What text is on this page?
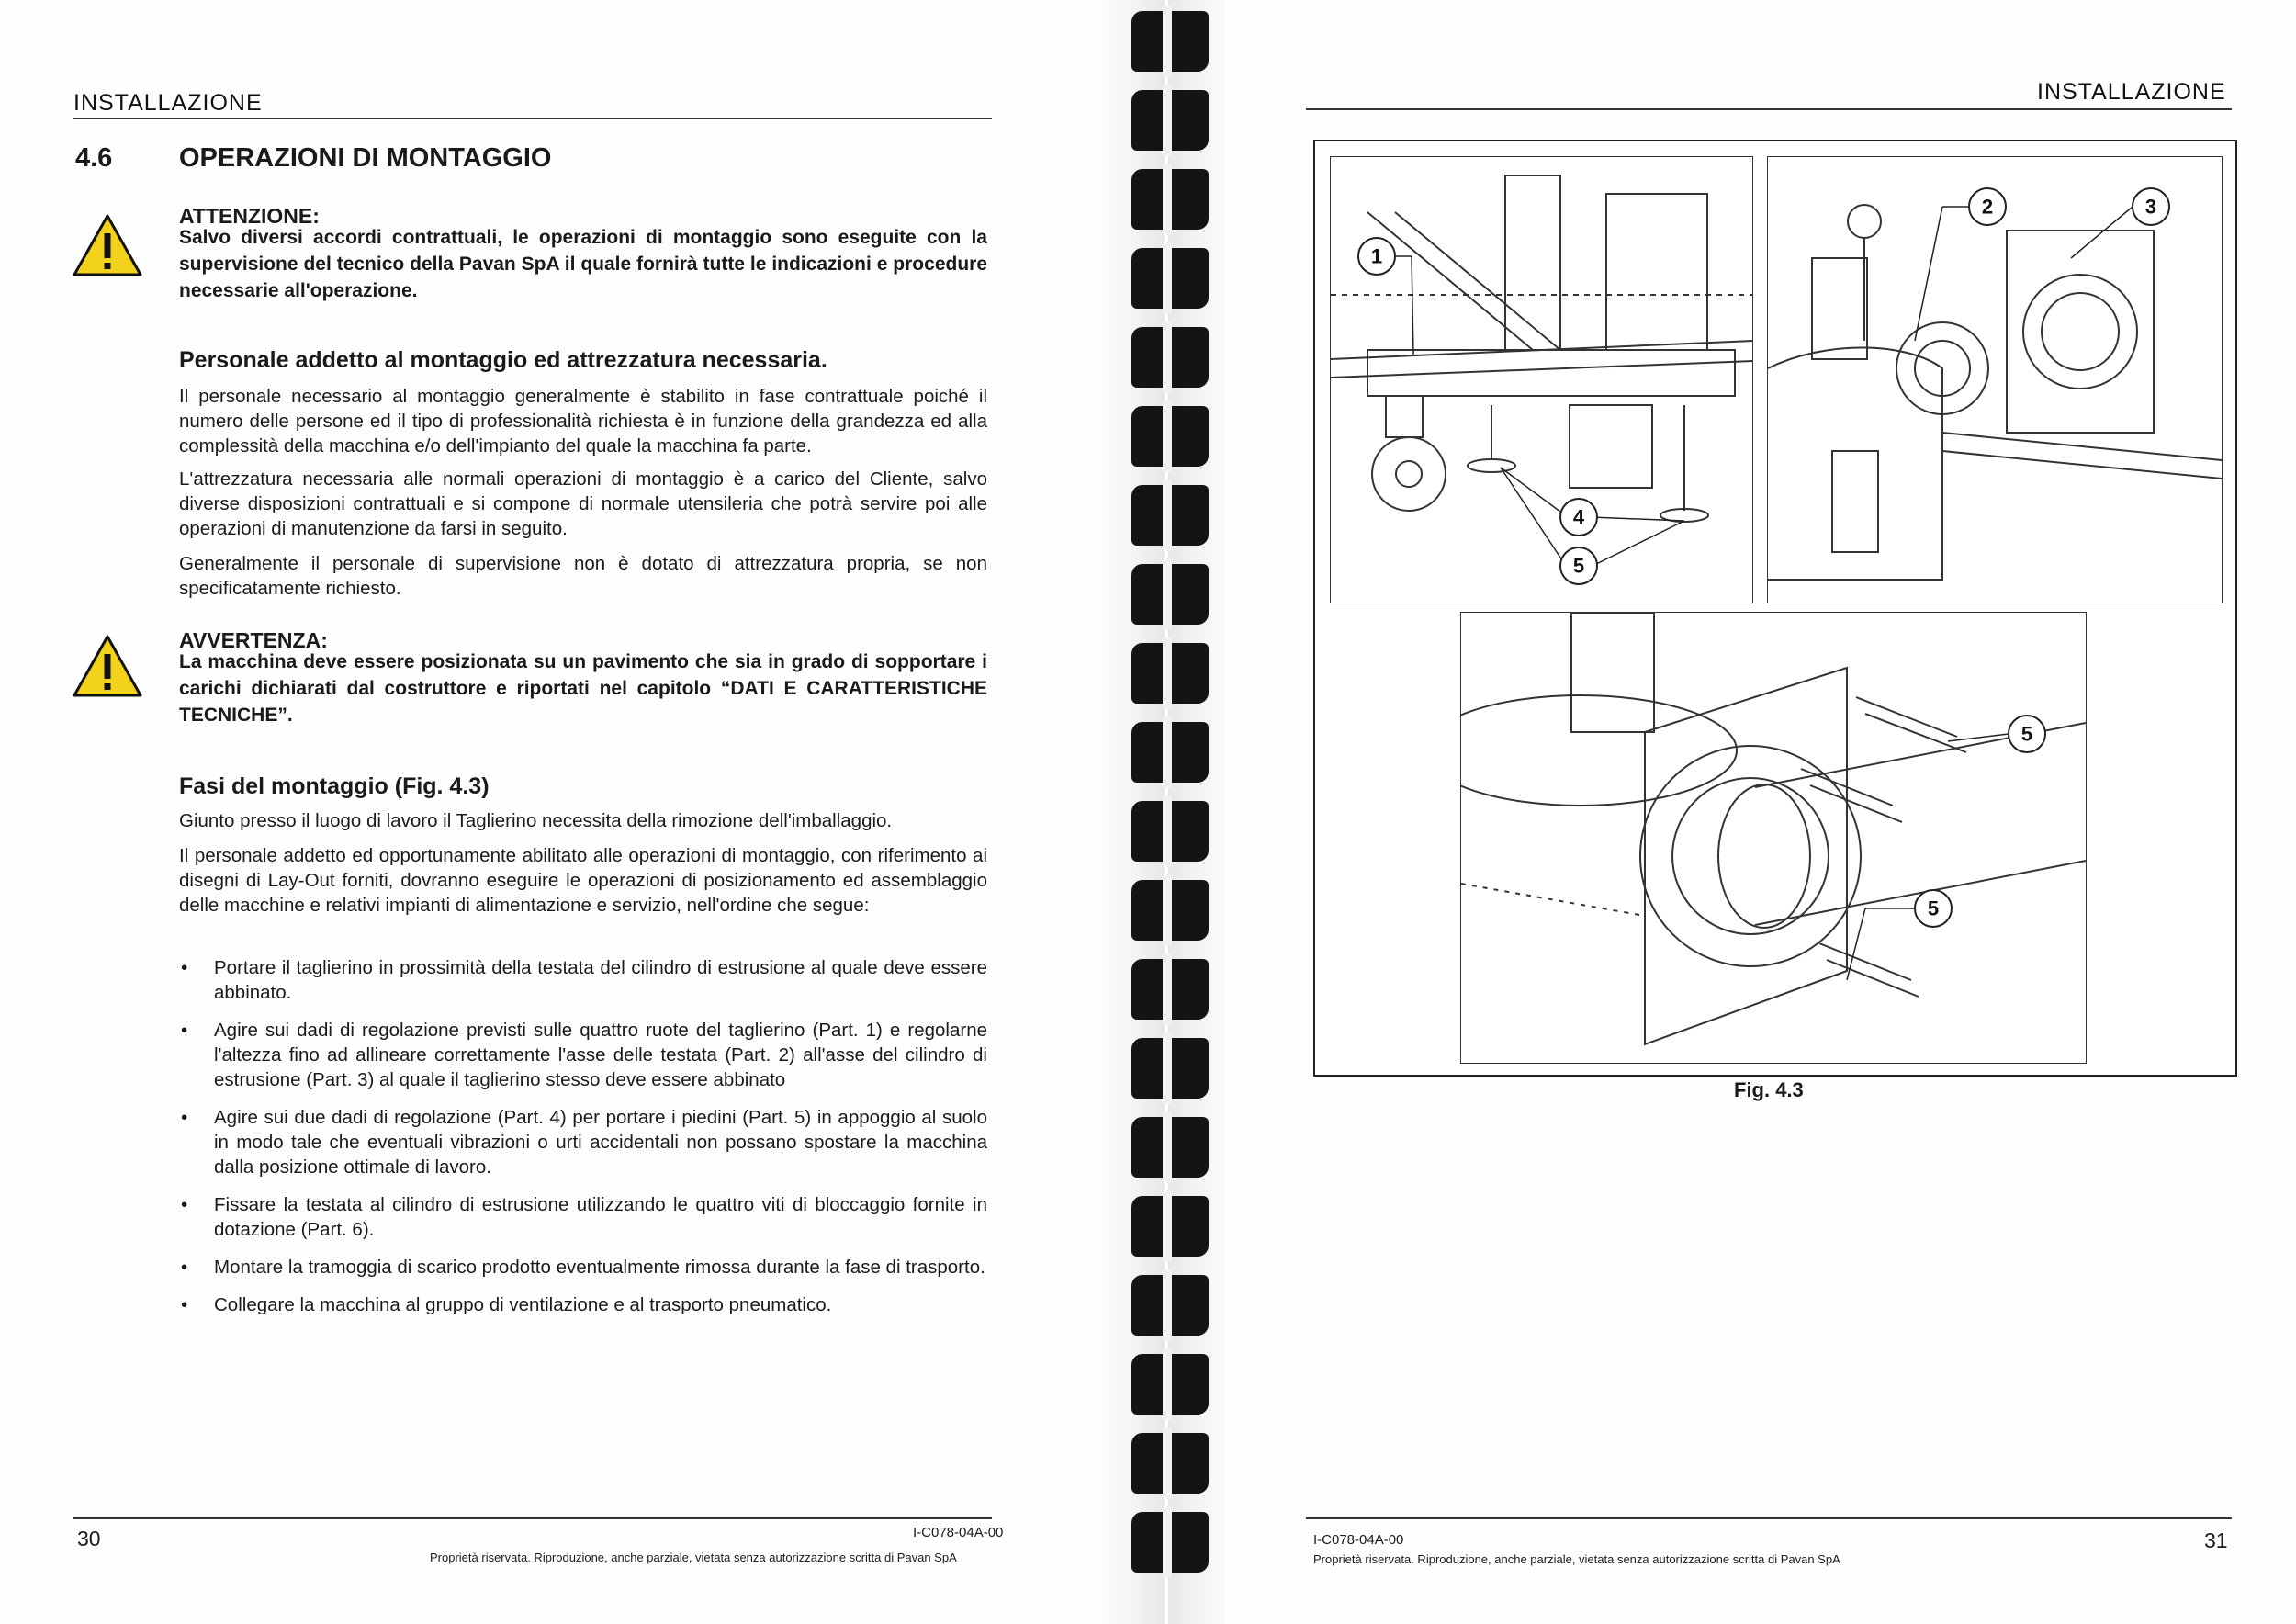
INSTALLAZIONE
4.6	OPERAZIONI DI MONTAGGIO
ATTENZIONE:
Salvo diversi accordi contrattuali, le operazioni di montaggio sono eseguite con la supervisione del tecnico della Pavan SpA il quale fornirà tutte le indicazioni e procedure necessarie all'operazione.
Personale addetto al montaggio ed attrezzatura necessaria.
Il personale necessario al montaggio generalmente è stabilito in fase contrattuale poiché il numero delle persone ed il tipo di professionalità richiesta è in funzione della grandezza ed alla complessità della macchina e/o dell'impianto del quale la macchina fa parte.
L'attrezzatura necessaria alle normali operazioni di montaggio è a carico del Cliente, salvo diverse disposizioni contrattuali e si compone di normale utensileria che potrà servire poi alle operazioni di manutenzione da farsi in seguito.
Generalmente il personale di supervisione non è dotato di attrezzatura propria, se non specificatamente richiesto.
AVVERTENZA:
La macchina deve essere posizionata su un pavimento che sia in grado di sopportare i carichi dichiarati dal costruttore e riportati nel capitolo “DATI E CARATTERISTICHE TECNICHE”.
Fasi del montaggio (Fig. 4.3)
Giunto presso il luogo di lavoro il Taglierino necessita della rimozione dell'imballaggio.
Il personale addetto ed opportunamente abilitato alle operazioni di montaggio, con riferimento ai disegni di Lay-Out forniti, dovranno eseguire le operazioni di posizionamento ed assemblaggio delle macchine e relativi impianti di alimentazione e servizio, nell'ordine che segue:
• Portare il taglierino in prossimità della testata del cilindro di estrusione al quale deve essere abbinato.
• Agire sui dadi di regolazione previsti sulle quattro ruote del taglierino (Part. 1) e regolarne l'altezza fino ad allineare correttamente l'asse delle testata (Part. 2) all'asse del cilindro di estrusione (Part. 3) al quale il taglierino stesso deve essere abbinato
• Agire sui due dadi di regolazione (Part. 4) per portare i piedini (Part. 5) in appoggio al suolo in modo tale che eventuali vibrazioni o urti accidentali non possano spostare la macchina dalla posizione ottimale di lavoro.
• Fissare la testata al cilindro di estrusione utilizzando le quattro viti di bloccaggio fornite in dotazione (Part. 6).
• Montare la tramoggia di scarico prodotto eventualmente rimossa durante la fase di trasporto.
• Collegare la macchina al gruppo di ventilazione e al trasporto pneumatico.
30	I-C078-04A-00
Proprietà riservata. Riproduzione, anche parziale, vietata senza autorizzazione scritta di Pavan SpA
INSTALLAZIONE
1
4
5
2	3
5
5
Fig. 4.3
I-C078-04A-00
Proprietà riservata. Riproduzione, anche parziale, vietata senza autorizzazione scritta di Pavan SpA
31
